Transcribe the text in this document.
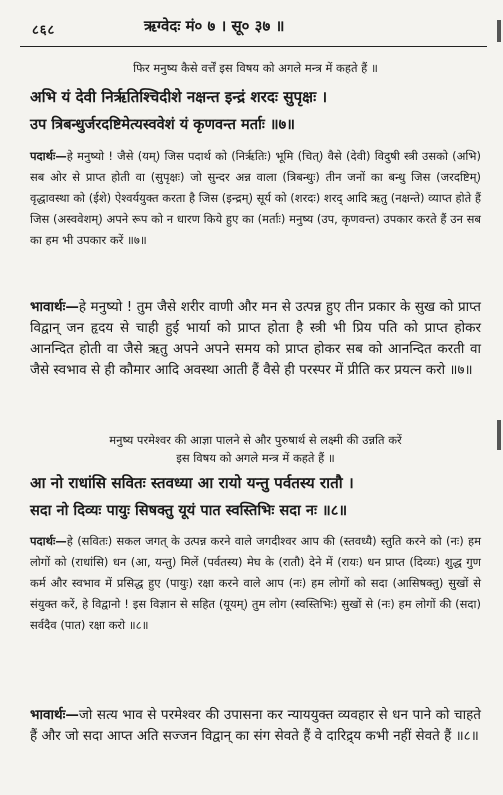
८६८	ऋग्वेदः मं० ७ । सू० ३७ ॥

फिर मनुष्य कैसे वर्त्तें इस विषय को अगले मन्त्र में कहते हैं ॥

अभि यं देवी निर्ऋतिश्चिदीशे नक्षन्त इन्द्रं शरदः सुपृक्षः ।

उप त्रिबन्धुर्जरदष्टिमेत्यस्ववेशं यं कृणवन्त मर्ताः ॥७॥

पदार्थः—हे मनुष्यो ! जैसे (यम्) जिस पदार्थ को (निर्ऋतिः) भूमि (चित्) वैसे (देवी) विदुषी स्त्री उसको (अभि) सब ओर से प्राप्त होती वा (सुपृक्षः) जो सुन्दर अन्न वाला (त्रिबन्धुः) तीन जनों का बन्धु जिस (जरदष्टिम्) वृद्धावस्था को (ईशे) ऐश्वर्ययुक्त करता है जिस (इन्द्रम्) सूर्य को (शरदः) शरद् आदि ऋतु (नक्षन्ते) व्याप्त होते हैं जिस (अस्ववेशम्) अपने रूप को न धारण किये हुए का (मर्ताः) मनुष्य (उप, कृणवन्त) उपकार करते हैं उन सब का हम भी उपकार करें ॥७॥

भावार्थः—हे मनुष्यो ! तुम जैसे शरीर वाणी और मन से उत्पन्न हुए तीन प्रकार के सुख को प्राप्त विद्वान् जन हृदय से चाही हुई भार्या को प्राप्त होता है स्त्री भी प्रिय पति को प्राप्त होकर आनन्दित होती वा जैसे ऋतु अपने अपने समय को प्राप्त होकर सब को आनन्दित करती वा जैसे स्वभाव से ही कौमार आदि अवस्था आती हैं वैसे ही परस्पर में प्रीति कर प्रयत्न करो ॥७॥

मनुष्य परमेश्वर की आज्ञा पालने से और पुरुषार्थ से लक्ष्मी की उन्नति करें

इस विषय को अगले मन्त्र में कहते हैं ॥

आ नो राधांसि सवितः स्तवध्या आ रायो यन्तु पर्वतस्य रातौ ।

सदा नो दिव्यः पायुः सिषक्तु यूयं पात स्वस्तिभिः सदा नः ॥८॥

पदार्थः—हे (सवितः) सकल जगत् के उत्पन्न करने वाले जगदीश्वर आप की (स्तवध्यै) स्तुति करने को (नः) हम लोगों को (राधांसि) धन (आ, यन्तु) मिलें (पर्वतस्य) मेघ के (रातौ) देने में (रायः) धन प्राप्त (दिव्यः) शुद्ध गुण कर्म और स्वभाव में प्रसिद्ध हुए (पायुः) रक्षा करने वाले आप (नः) हम लोगों को सदा (आसिषक्तु) सुखों से संयुक्त करें, हे विद्वानो ! इस विज्ञान से सहित (यूयम्) तुम लोग (स्वस्तिभिः) सुखों से (नः) हम लोगों की (सदा) सर्वदैव (पात) रक्षा करो ॥८॥

भावार्थः—जो सत्य भाव से परमेश्वर की उपासना कर न्याययुक्त व्यवहार से धन पाने को चाहते हैं और जो सदा आप्त अति सज्जन विद्वान् का संग सेवते हैं वे दारिद्र्य कभी नहीं सेवते हैं ॥८॥
